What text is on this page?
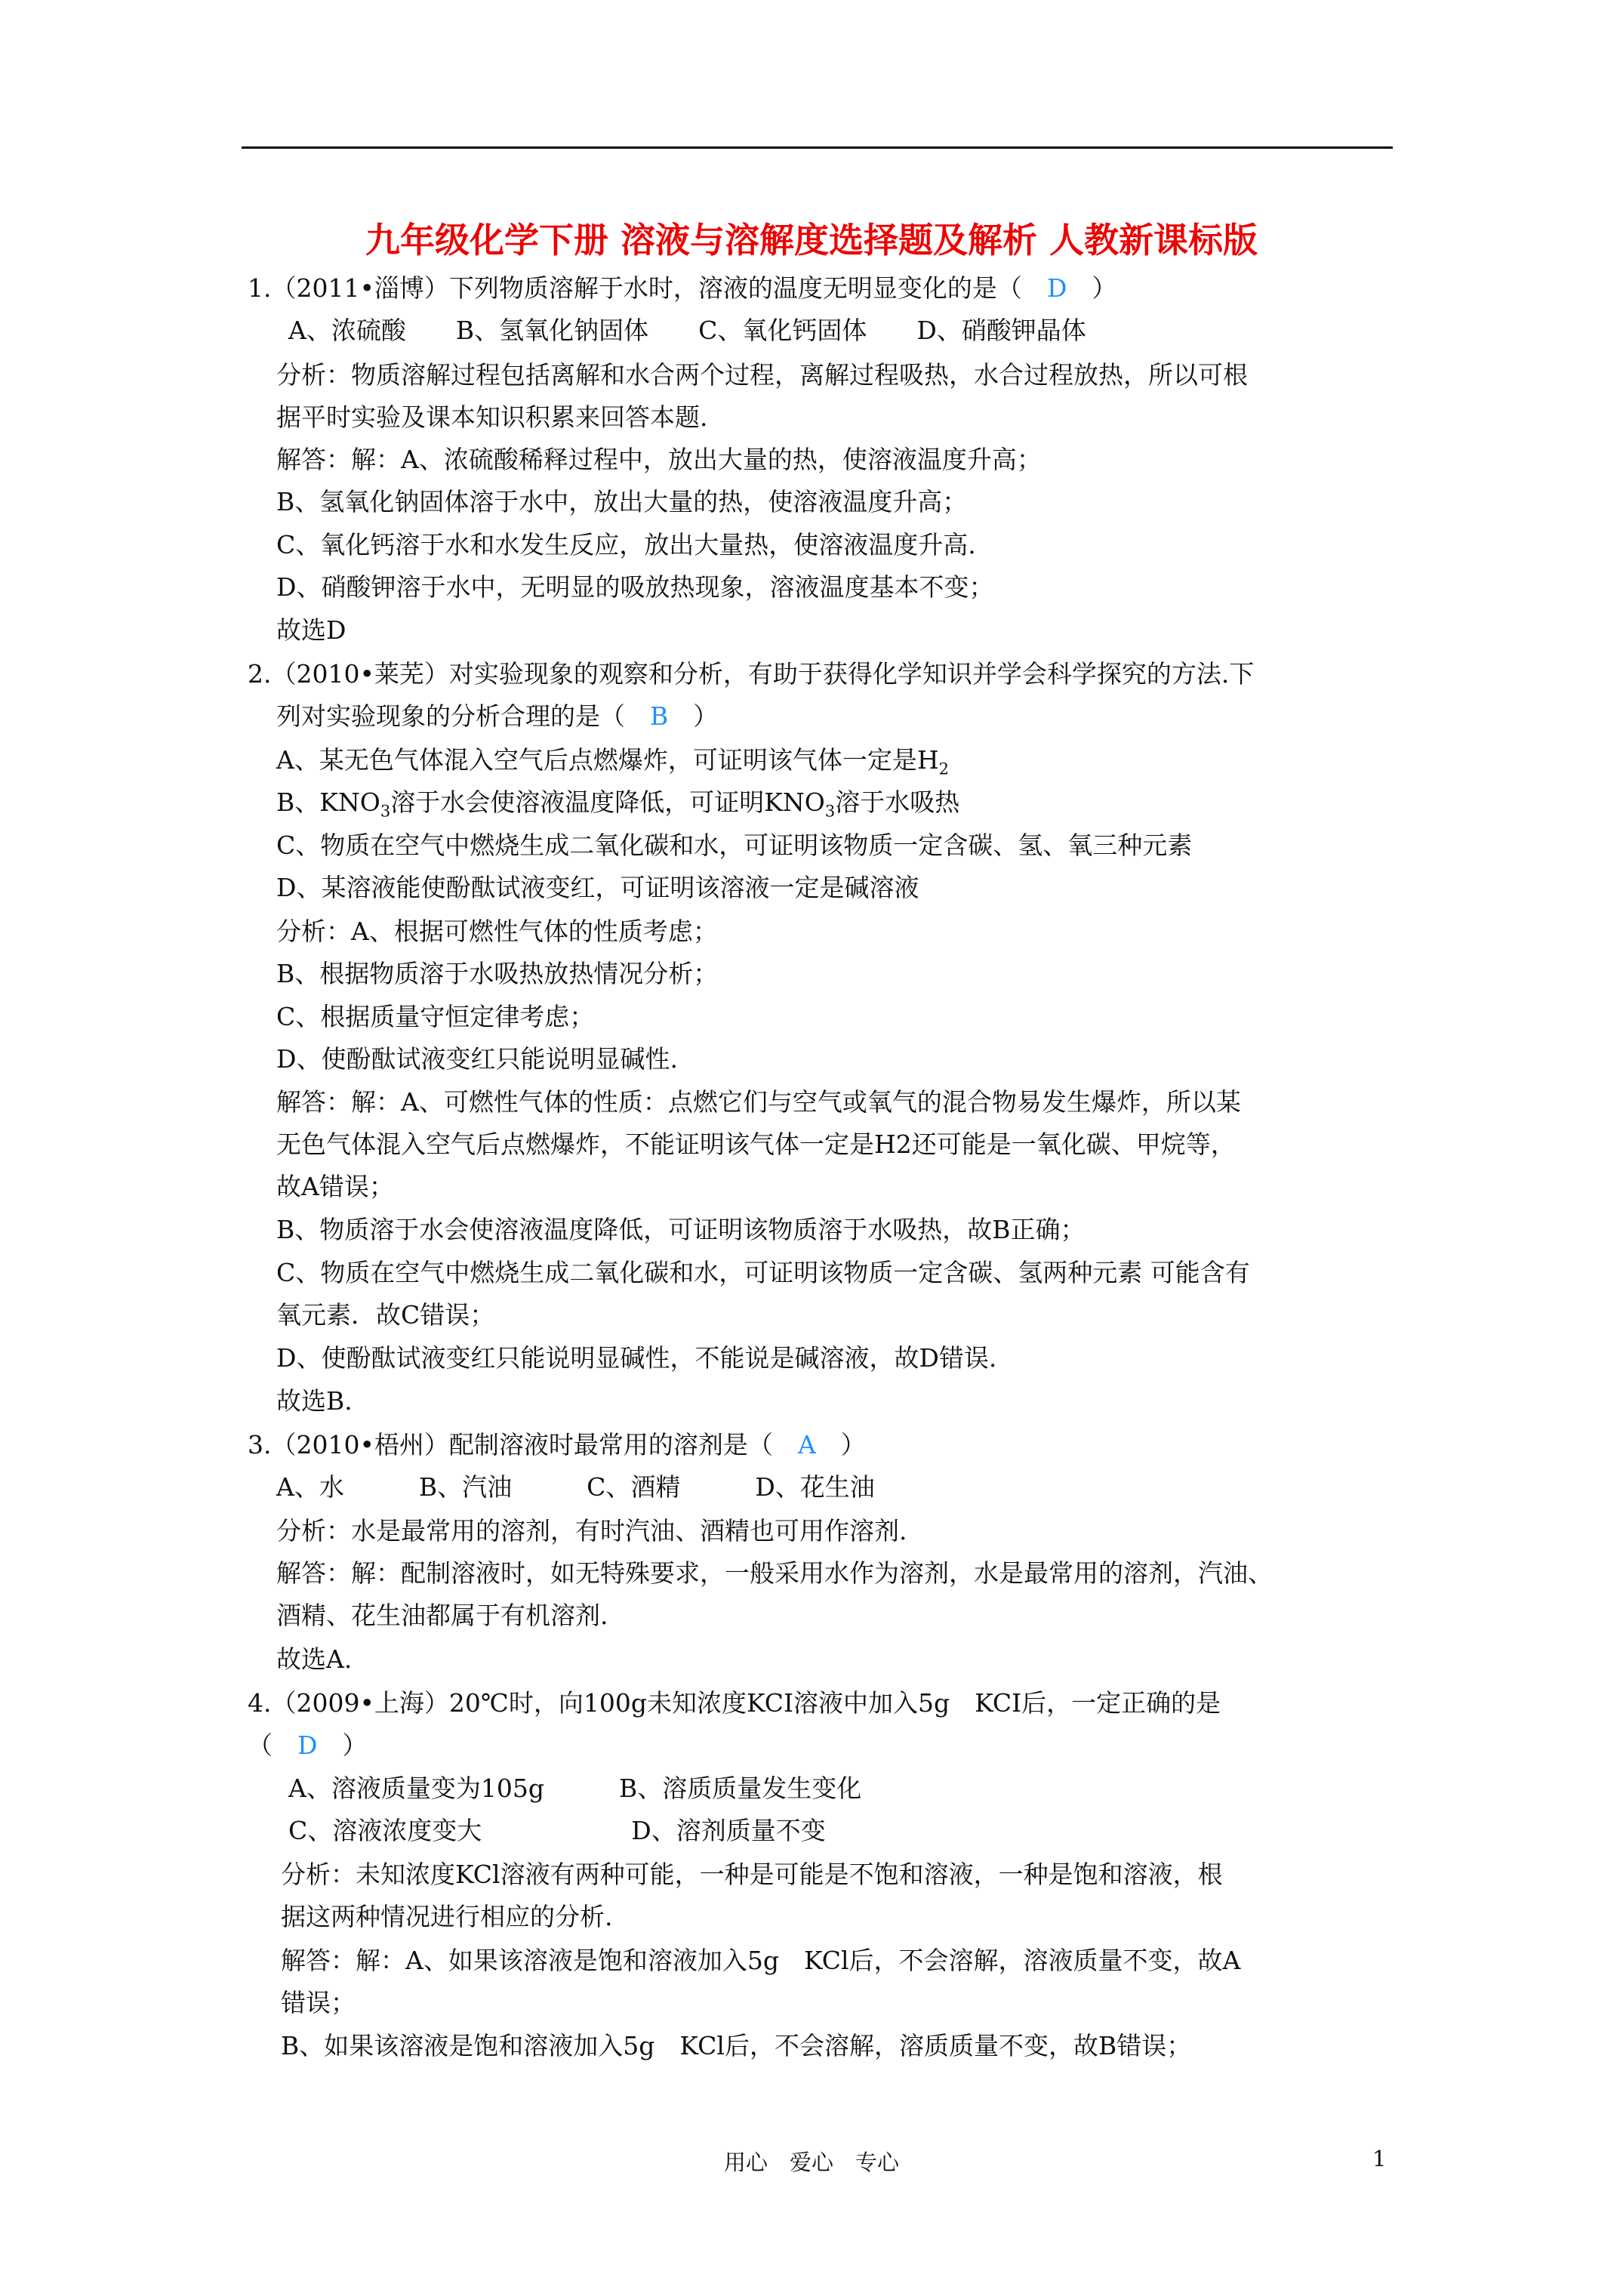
九年级化学下册 溶液与溶解度选择题及解析 人教新课标版
1.（2011•淄博）下列物质溶解于水时，溶液的温度无明显变化的是（　D　）
A、浓硫酸　　B、氢氧化钠固体　　C、氧化钙固体　　D、硝酸钾晶体
分析：物质溶解过程包括离解和水合两个过程，离解过程吸热，水合过程放热，所以可根
据平时实验及课本知识积累来回答本题.
解答：解：A、浓硫酸稀释过程中，放出大量的热，使溶液温度升高；
B、氢氧化钠固体溶于水中，放出大量的热，使溶液温度升高；
C、氧化钙溶于水和水发生反应，放出大量热，使溶液温度升高.
D、硝酸钾溶于水中，无明显的吸放热现象，溶液温度基本不变；
故选D
2.（2010•莱芜）对实验现象的观察和分析，有助于获得化学知识并学会科学探究的方法.下
列对实验现象的分析合理的是（　B　）
A、某无色气体混入空气后点燃爆炸，可证明该气体一定是$H_2$
B、$KNO_3$溶于水会使溶液温度降低，可证明$KNO_3$溶于水吸热
C、物质在空气中燃烧生成二氧化碳和水，可证明该物质一定含碳、氢、氧三种元素
D、某溶液能使酚酞试液变红，可证明该溶液一定是碱溶液
分析：A、根据可燃性气体的性质考虑；
B、根据物质溶于水吸热放热情况分析；
C、根据质量守恒定律考虑；
D、使酚酞试液变红只能说明显碱性.
解答：解：A、可燃性气体的性质：点燃它们与空气或氧气的混合物易发生爆炸，所以某
无色气体混入空气后点燃爆炸，不能证明该气体一定是H2还可能是一氧化碳、甲烷等，
故A错误；
B、物质溶于水会使溶液温度降低，可证明该物质溶于水吸热，故B正确；
C、物质在空气中燃烧生成二氧化碳和水，可证明该物质一定含碳、氢两种元素 可能含有
氧元素．故C错误；
D、使酚酞试液变红只能说明显碱性，不能说是碱溶液，故D错误.
故选B.
3.（2010•梧州）配制溶液时最常用的溶剂是（　A　）
A、水　　　B、汽油　　　C、酒精　　　D、花生油
分析：水是最常用的溶剂，有时汽油、酒精也可用作溶剂.
解答：解：配制溶液时，如无特殊要求，一般采用水作为溶剂，水是最常用的溶剂，汽油、
酒精、花生油都属于有机溶剂.
故选A.
4.（2009•上海）20℃时，向100g未知浓度KCI溶液中加入5g　KCI后，一定正确的是
（　D　）
A、溶液质量变为105g　　　B、溶质质量发生变化
C、溶液浓度变大　　　　　　D、溶剂质量不变
分析：未知浓度KCl溶液有两种可能，一种是可能是不饱和溶液，一种是饱和溶液，根
据这两种情况进行相应的分析.
解答：解：A、如果该溶液是饱和溶液加入5g　KCl后，不会溶解，溶液质量不变，故A
错误；
B、如果该溶液是饱和溶液加入5g　KCl后，不会溶解，溶质质量不变，故B错误；
用心　爱心　专心	1
